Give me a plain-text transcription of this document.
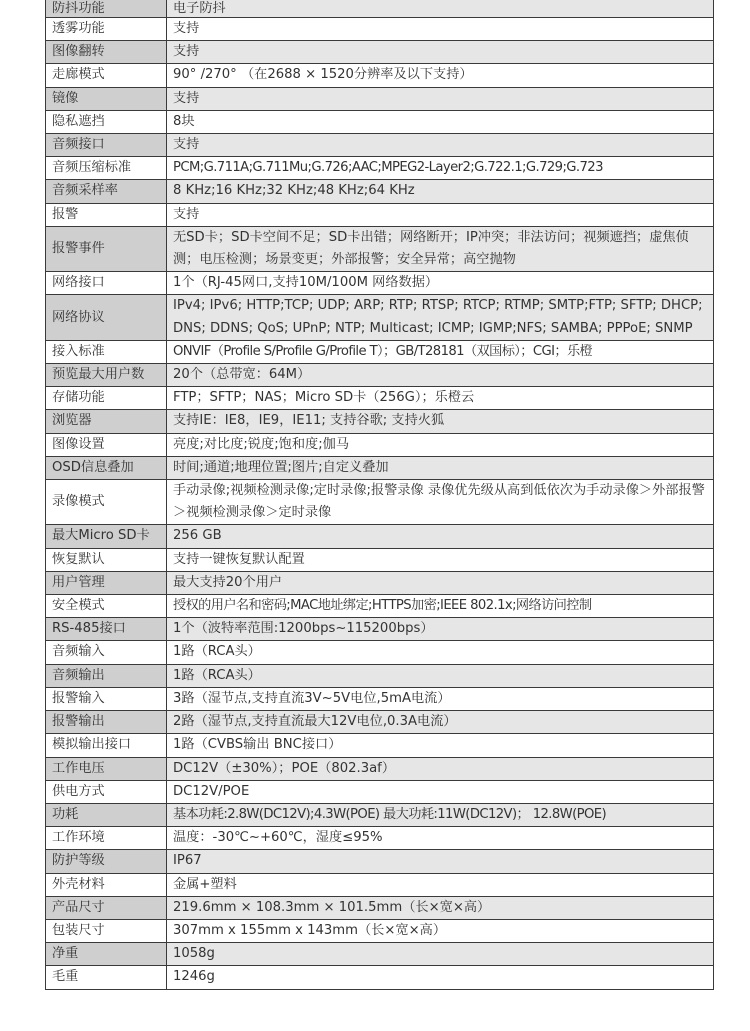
防抖功能	电子防抖
透雾功能	支持
图像翻转	支持
走廊模式	90° /270° （在2688 × 1520分辨率及以下支持）
镜像	支持
隐私遮挡	8块
音频接口	支持
音频压缩标准	PCM;G.711A;G.711Mu;G.726;AAC;MPEG2-Layer2;G.722.1;G.729;G.723
音频采样率	8 KHz;16 KHz;32 KHz;48 KHz;64 KHz
报警	支持
报警事件	无SD卡；SD卡空间不足；SD卡出错；网络断开；IP冲突；非法访问；视频遮挡；虚焦侦测；电压检测；场景变更；外部报警；安全异常；高空抛物
网络接口	1个（RJ-45网口,支持10M/100M 网络数据）
网络协议	IPv4; IPv6; HTTP;TCP; UDP; ARP; RTP; RTSP; RTCP; RTMP; SMTP;FTP; SFTP; DHCP; DNS; DDNS; QoS; UPnP; NTP; Multicast; ICMP; IGMP;NFS; SAMBA; PPPoE; SNMP
接入标准	ONVIF（Profile S/Profile G/Profile T）；GB/T28181（双国标）；CGI；乐橙
预览最大用户数	20个（总带宽：64M）
存储功能	FTP；SFTP；NAS；Micro SD卡（256G）；乐橙云
浏览器	支持IE：IE8，IE9，IE11; 支持谷歌; 支持火狐
图像设置	亮度;对比度;锐度;饱和度;伽马
OSD信息叠加	时间;通道;地理位置;图片;自定义叠加
录像模式	手动录像;视频检测录像;定时录像;报警录像 录像优先级从高到低依次为手动录像＞外部报警＞视频检测录像＞定时录像
最大Micro SD卡	256 GB
恢复默认	支持一键恢复默认配置
用户管理	最大支持20个用户
安全模式	授权的用户名和密码;MAC地址绑定;HTTPS加密;IEEE 802.1x;网络访问控制
RS-485接口	1个（波特率范围:1200bps~115200bps）
音频输入	1路（RCA头）
音频输出	1路（RCA头）
报警输入	3路（湿节点,支持直流3V~5V电位,5mA电流）
报警输出	2路（湿节点,支持直流最大12V电位,0.3A电流）
模拟输出接口	1路（CVBS输出 BNC接口）
工作电压	DC12V（±30%）；POE（802.3af）
供电方式	DC12V/POE
功耗	基本功耗:2.8W(DC12V);4.3W(POE) 最大功耗:11W(DC12V)； 12.8W(POE)
工作环境	温度：-30℃~+60℃，湿度≤95%
防护等级	IP67
外壳材料	金属+塑料
产品尺寸	219.6mm × 108.3mm × 101.5mm（长×宽×高）
包装尺寸	307mm x 155mm x 143mm（长×宽×高）
净重	1058g
毛重	1246g
